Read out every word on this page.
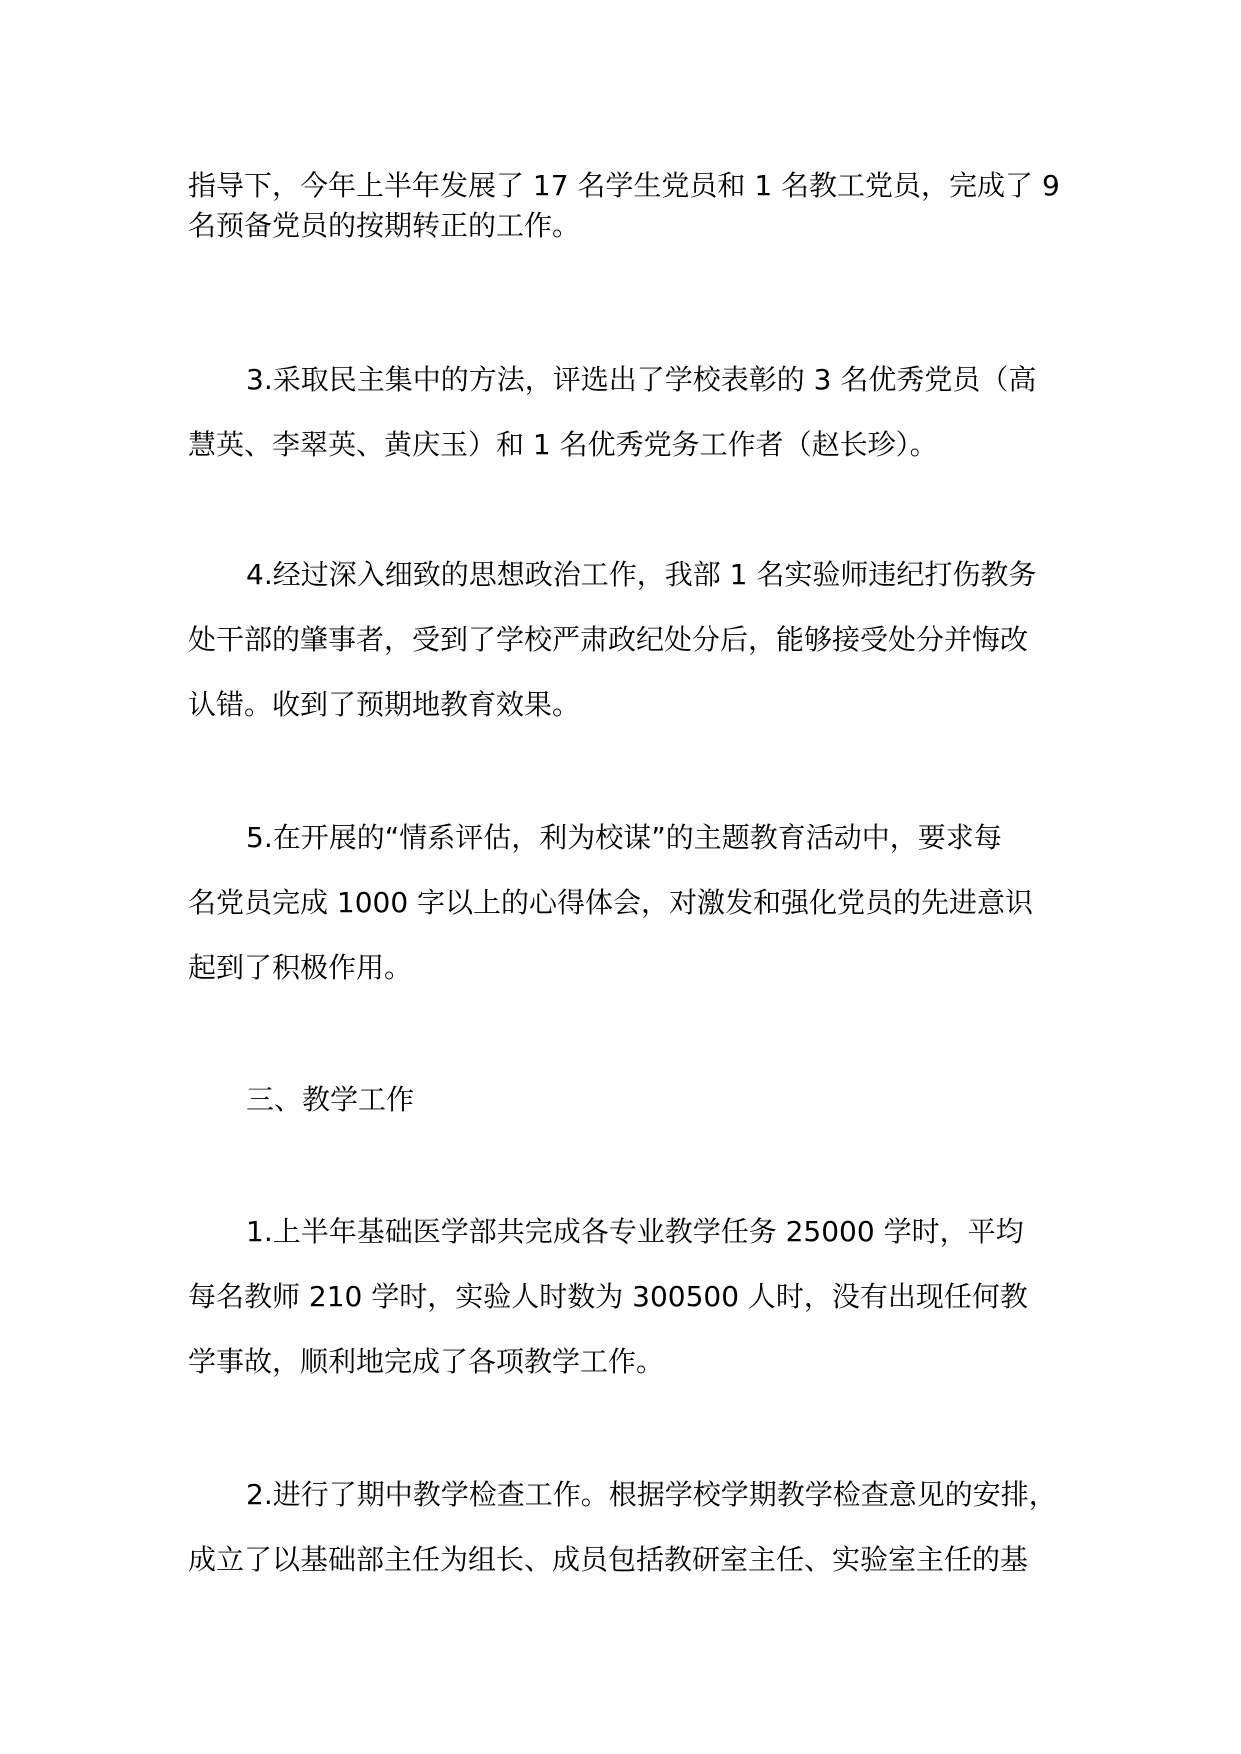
指导下，今年上半年发展了 17 名学生党员和 1 名教工党员，完成了 9

名预备党员的按期转正的工作。

3.采取民主集中的方法，评选出了学校表彰的 3 名优秀党员（高

慧英、李翠英、黄庆玉）和 1 名优秀党务工作者（赵长珍）。

4.经过深入细致的思想政治工作，我部 1 名实验师违纪打伤教务

处干部的肇事者，受到了学校严肃政纪处分后，能够接受处分并悔改

认错。收到了预期地教育效果。

5.在开展的“情系评估，利为校谋”的主题教育活动中，要求每

名党员完成 1000 字以上的心得体会，对激发和强化党员的先进意识

起到了积极作用。

三、教学工作

1.上半年基础医学部共完成各专业教学任务 25000 学时，平均

每名教师 210 学时，实验人时数为 300500 人时，没有出现任何教

学事故，顺利地完成了各项教学工作。

2.进行了期中教学检查工作。根据学校学期教学检查意见的安排，

成立了以基础部主任为组长、成员包括教研室主任、实验室主任的基
